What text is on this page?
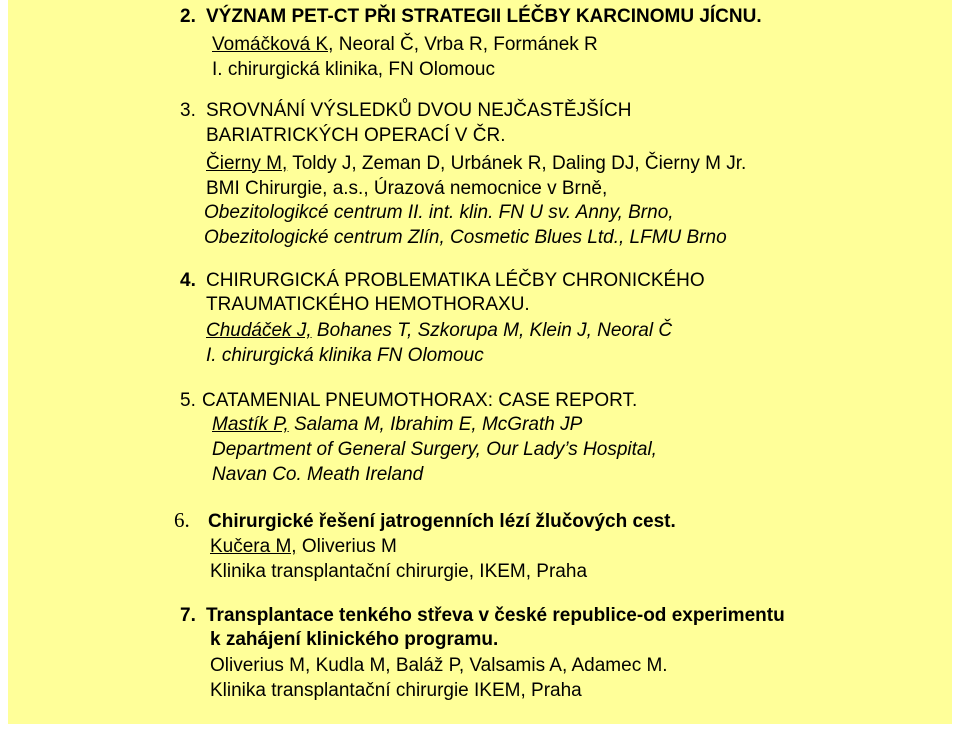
2. VÝZNAM PET-CT PŘI STRATEGII LÉČBY KARCINOMU JÍCNU.
Vomáčková K, Neoral Č, Vrba R, Formánek R
I. chirurgická klinika, FN Olomouc
3. SROVNÁNÍ VÝSLEDKŮ DVOU NEJČASTĚJŠÍCH
BARIATRICKÝCH OPERACÍ V ČR.
Čierny M, Toldy J, Zeman D, Urbánek R, Daling DJ, Čierny M Jr.
BMI Chirurgie, a.s., Úrazová nemocnice v Brně,
Obezitologikcé centrum II. int. klin. FN U sv. Anny, Brno,
Obezitologické centrum Zlín, Cosmetic Blues Ltd., LFMU Brno
4. CHIRURGICKÁ PROBLEMATIKA LÉČBY CHRONICKÉHO
TRAUMATICKÉHO HEMOTHORAXU.
Chudáček J, Bohanes T, Szkorupa M, Klein J, Neoral Č
I. chirurgická klinika FN Olomouc
5. CATAMENIAL PNEUMOTHORAX: CASE REPORT.
Mastík P, Salama M, Ibrahim E, McGrath JP
Department of General Surgery, Our Lady’s Hospital,
Navan Co. Meath Ireland
6. Chirurgické řešení jatrogenních lézí žlučových cest.
Kučera M, Oliverius M
Klinika transplantační chirurgie, IKEM, Praha
7. Transplantace tenkého střeva v české republice-od experimentu
k zahájení klinického programu.
Oliverius M, Kudla M, Baláž P, Valsamis A, Adamec M.
Klinika transplantační chirurgie IKEM, Praha
